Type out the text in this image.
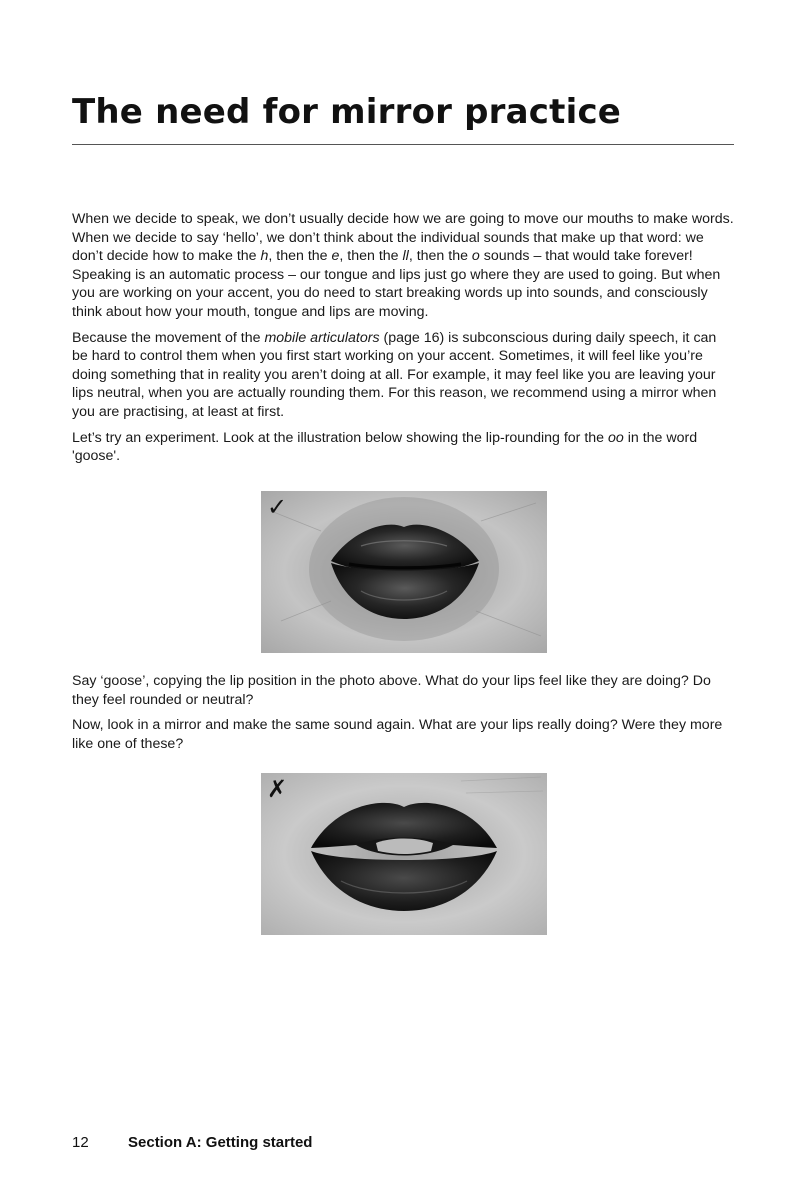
The need for mirror practice

When we decide to speak, we don’t usually decide how we are going to move our mouths to make words. When we decide to say ‘hello’, we don’t think about the individual sounds that make up that word: we don’t decide how to make the h, then the e, then the ll, then the o sounds – that would take forever! Speaking is an automatic process – our tongue and lips just go where they are used to going. But when you are working on your accent, you do need to start breaking words up into sounds, and consciously think about how your mouth, tongue and lips are moving.

Because the movement of the mobile articulators (page 16) is subconscious during daily speech, it can be hard to control them when you first start working on your accent. Sometimes, it will feel like you’re doing something that in reality you aren’t doing at all. For example, it may feel like you are leaving your lips neutral, when you are actually rounding them. For this reason, we recommend using a mirror when you are practising, at least at first.

Let’s try an experiment. Look at the illustration below showing the lip-rounding for the oo in the word 'goose'.

✓

Say ‘goose’, copying the lip position in the photo above. What do your lips feel like they are doing? Do they feel rounded or neutral?

Now, look in a mirror and make the same sound again. What are your lips really doing? Were they more like one of these?

✗
12	Section A: Getting started
